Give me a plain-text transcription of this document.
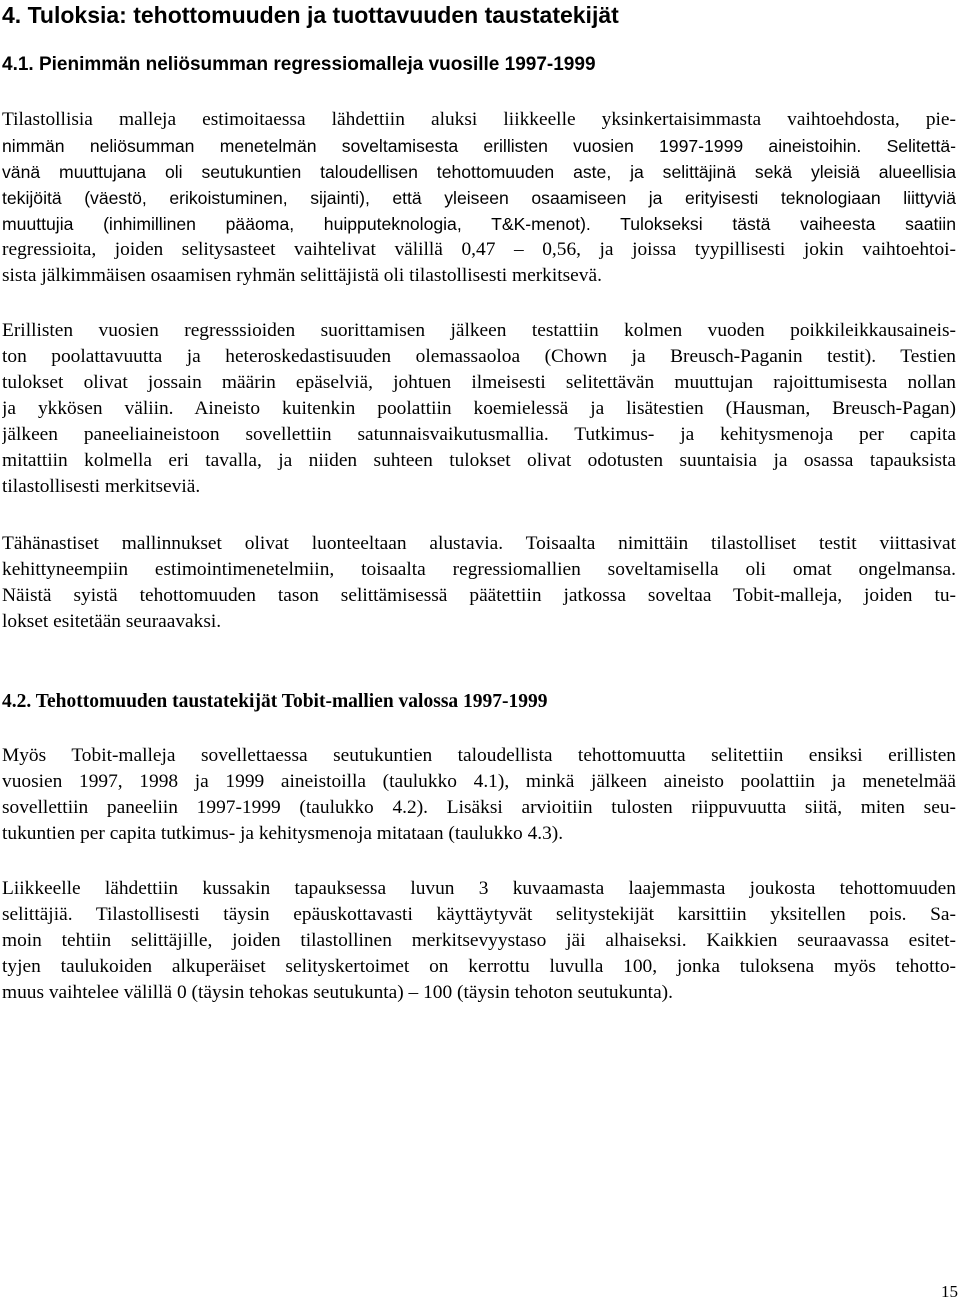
4. Tuloksia: tehottomuuden ja tuottavuuden taustatekijät
4.1. Pienimmän neliösumman regressiomalleja vuosille 1997-1999
Tilastollisia malleja estimoitaessa lähdettiin aluksi liikkeelle yksinkertaisimmasta vaihtoehdosta, pie-
nimmän neliösumman menetelmän soveltamisesta erillisten vuosien 1997-1999 aineistoihin. Selitettä-
vänä muuttujana oli seutukuntien taloudellisen tehottomuuden aste, ja selittäjinä sekä yleisiä alueellisia
tekijöitä (väestö, erikoistuminen, sijainti), että yleiseen osaamiseen ja erityisesti teknologiaan liittyviä
muuttujia (inhimillinen pääoma, huipputeknologia, T&K-menot). Tulokseksi tästä vaiheesta saatiin
regressioita, joiden selitysasteet vaihtelivat välillä 0,47 – 0,56, ja joissa tyypillisesti jokin vaihtoehtoi-
sista jälkimmäisen osaamisen ryhmän selittäjistä oli tilastollisesti merkitsevä.
Erillisten vuosien regresssioiden suorittamisen jälkeen testattiin kolmen vuoden poikkileikkausaineis-
ton poolattavuutta ja heteroskedastisuuden olemassaoloa (Chown ja Breusch-Paganin testit). Testien
tulokset olivat jossain määrin epäselviä, johtuen ilmeisesti selitettävän muuttujan rajoittumisesta nollan
ja ykkösen väliin. Aineisto kuitenkin poolattiin koemielessä ja lisätestien (Hausman, Breusch-Pagan)
jälkeen paneeliaineistoon sovellettiin satunnaisvaikutusmallia. Tutkimus- ja kehitysmenoja per capita
mitattiin kolmella eri tavalla, ja niiden suhteen tulokset olivat odotusten suuntaisia ja osassa tapauksista
tilastollisesti merkitseviä.
Tähänastiset mallinnukset olivat luonteeltaan alustavia. Toisaalta nimittäin tilastolliset testit viittasivat
kehittyneempiin estimointimenetelmiin, toisaalta regressiomallien soveltamisella oli omat ongelmansa.
Näistä syistä tehottomuuden tason selittämisessä päätettiin jatkossa soveltaa Tobit-malleja, joiden tu-
lokset esitetään seuraavaksi.
4.2. Tehottomuuden taustatekijät Tobit-mallien valossa 1997-1999
Myös Tobit-malleja sovellettaessa seutukuntien taloudellista tehottomuutta selitettiin ensiksi erillisten
vuosien 1997, 1998 ja 1999 aineistoilla (taulukko 4.1), minkä jälkeen aineisto poolattiin ja menetelmää
sovellettiin paneeliin 1997-1999 (taulukko 4.2). Lisäksi arvioitiin tulosten riippuvuutta siitä, miten seu-
tukuntien per capita tutkimus- ja kehitysmenoja mitataan (taulukko 4.3).
Liikkeelle lähdettiin kussakin tapauksessa luvun 3 kuvaamasta laajemmasta joukosta tehottomuuden
selittäjiä. Tilastollisesti täysin epäuskottavasti käyttäytyvät selitystekijät karsittiin yksitellen pois. Sa-
moin tehtiin selittäjille, joiden tilastollinen merkitsevyystaso jäi alhaiseksi. Kaikkien seuraavassa esitet-
tyjen taulukoiden alkuperäiset selityskertoimet on kerrottu luvulla 100, jonka tuloksena myös tehotto-
muus vaihtelee välillä 0 (täysin tehokas seutukunta) – 100 (täysin tehoton seutukunta).
15
